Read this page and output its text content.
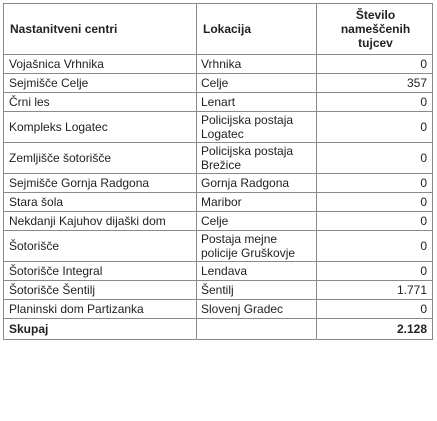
Nastanitveni centri	Lokacija	Število nameščenih tujcev
Vojašnica Vrhnika	Vrhnika	0
Sejmišče Celje	Celje	357
Črni les	Lenart	0
Kompleks Logatec	Policijska postaja Logatec	0
Zemljišče šotorišče	Policijska postaja Brežice	0
Sejmišče Gornja Radgona	Gornja Radgona	0
Stara šola	Maribor	0
Nekdanji Kajuhov dijaški dom	Celje	0
Šotorišče	Postaja mejne policije Gruškovje	0
Šotorišče Integral	Lendava	0
Šotorišče Šentilj	Šentilj	1.771
Planinski dom Partizanka	Slovenj Gradec	0
Skupaj		2.128
